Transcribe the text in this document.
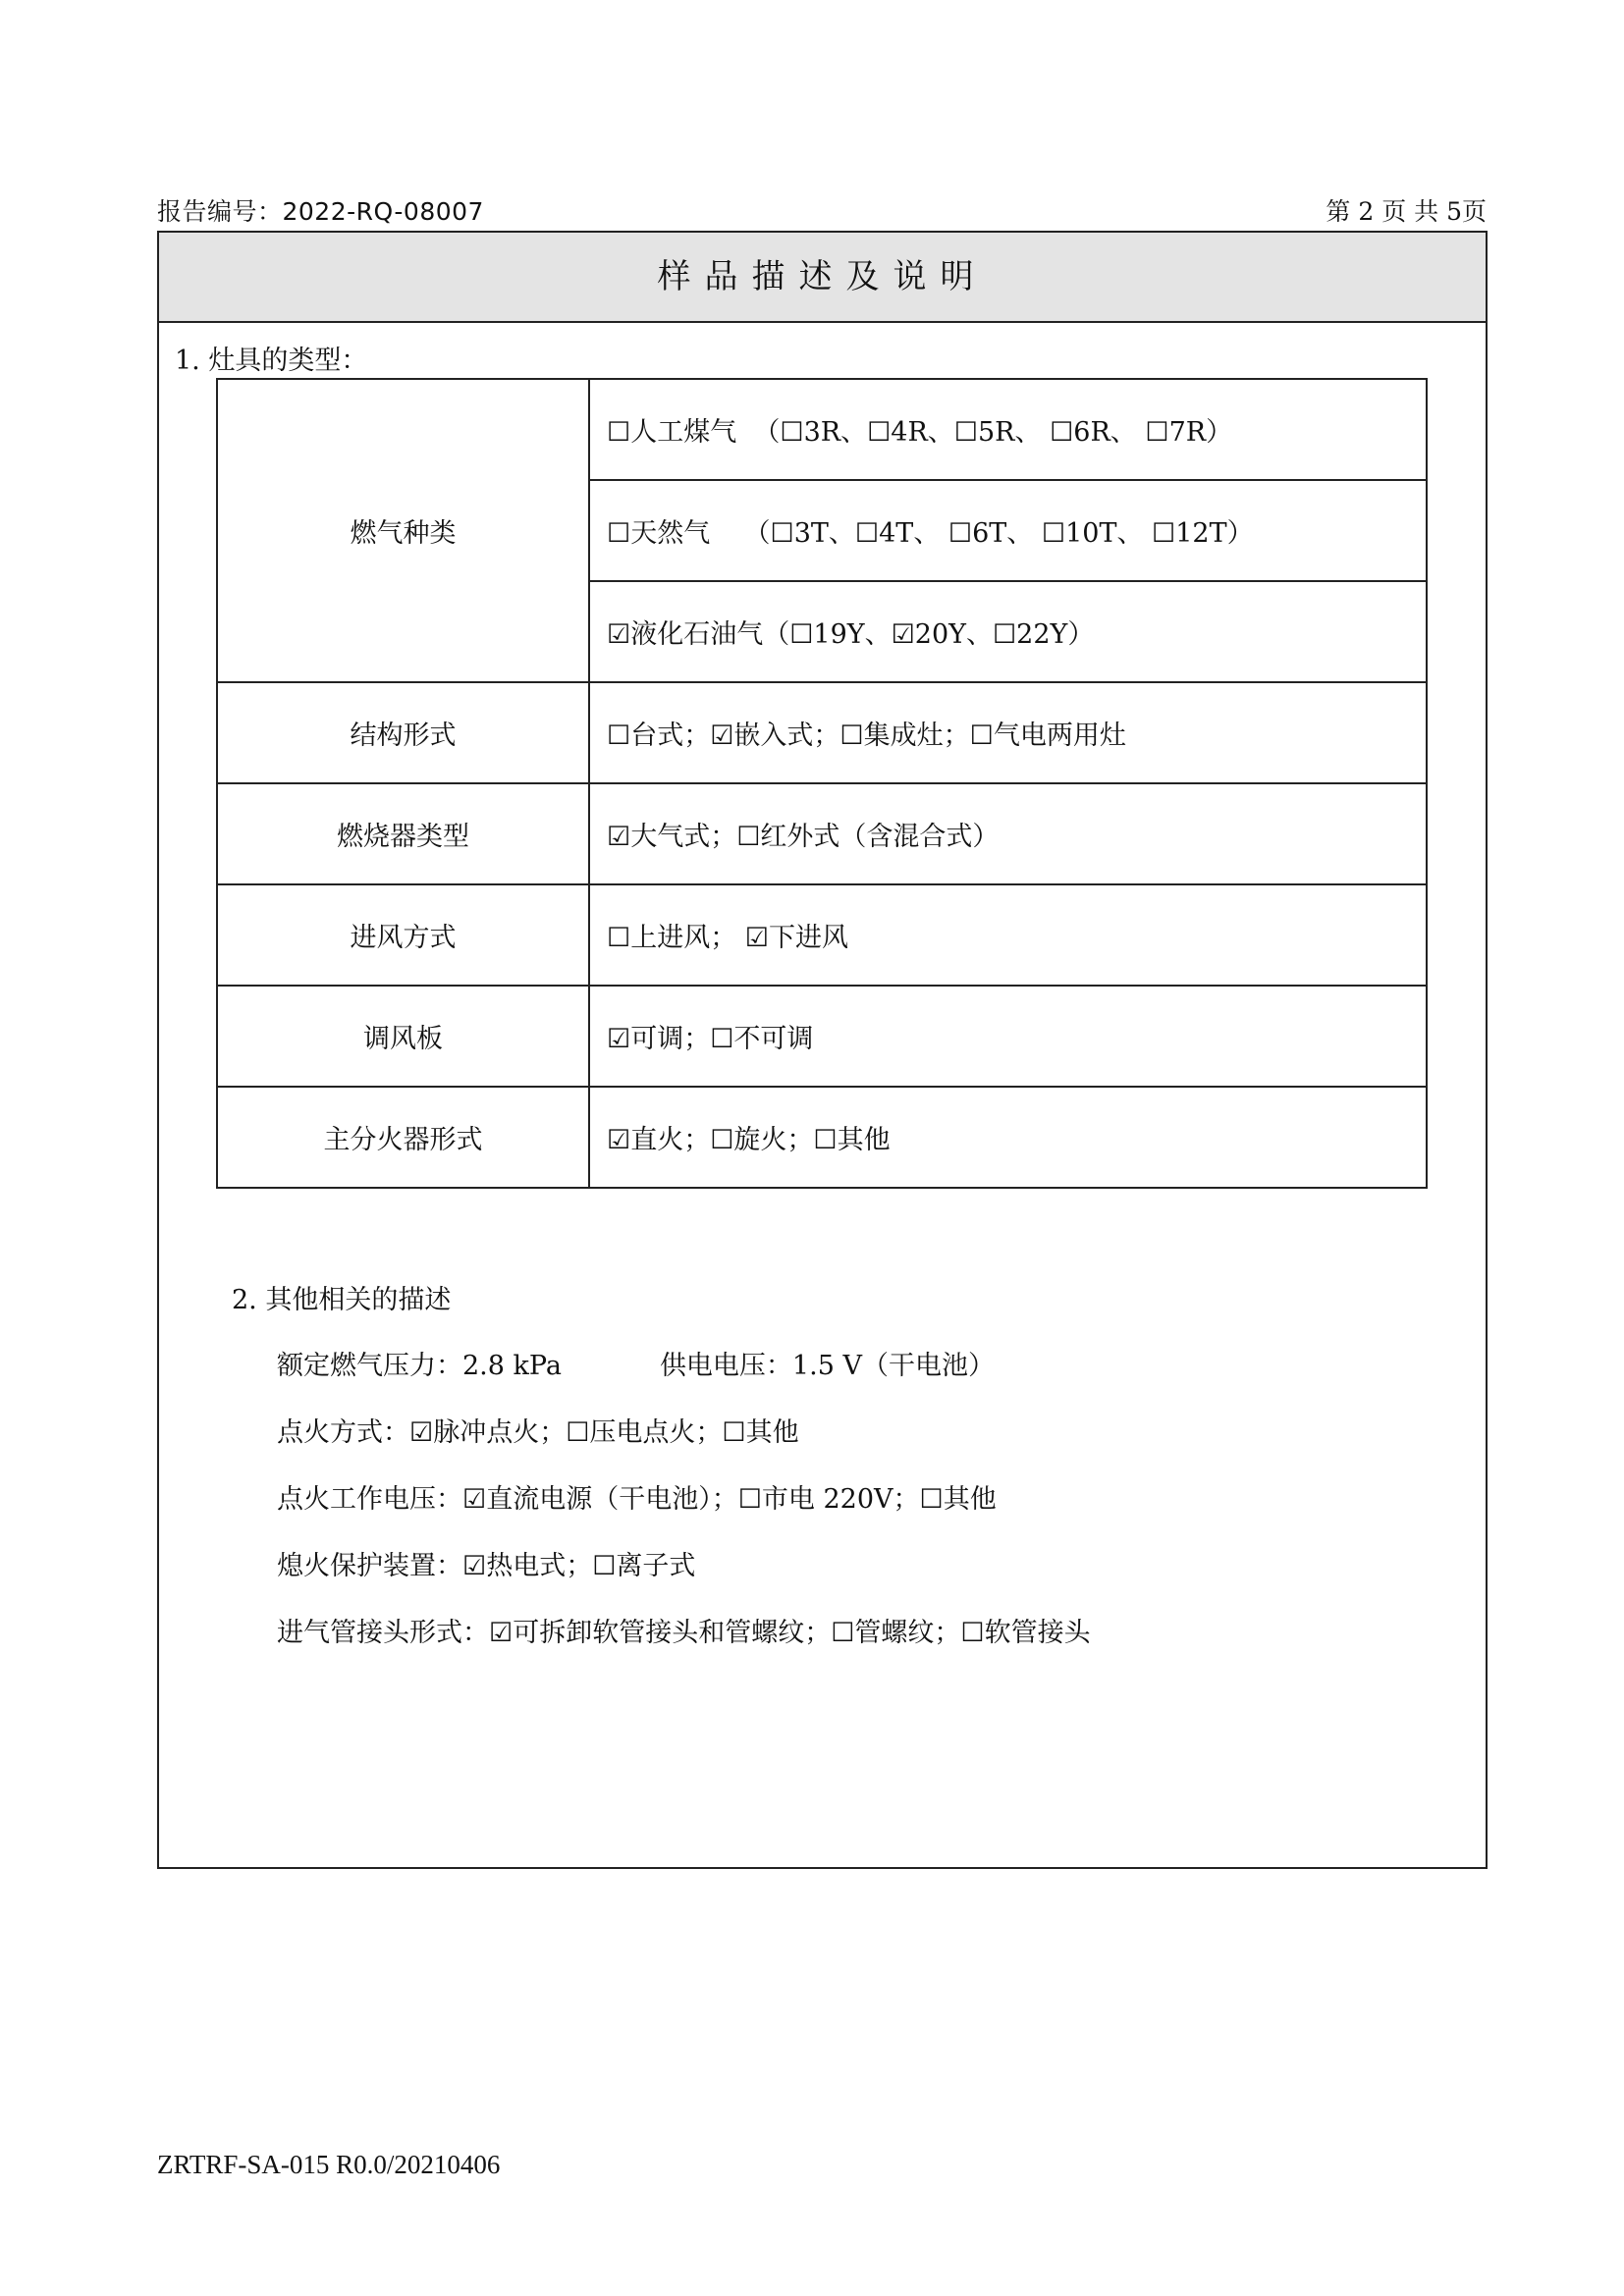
报告编号：2022-RQ-08007	第 2 页 共 5页
样品描述及说明
1. 灶具的类型：
燃气种类	☐人工煤气  （☐3R、☐4R、☐5R、 ☐6R、 ☐7R）
	☐天然气    （☐3T、☐4T、 ☐6T、 ☐10T、 ☐12T）
	☑液化石油气（☐19Y、☑20Y、☐22Y）
结构形式	☐台式；☑嵌入式；☐集成灶；☐气电两用灶
燃烧器类型	☑大气式；☐红外式（含混合式）
进风方式	☐上进风； ☑下进风
调风板	☑可调；☐不可调
主分火器形式	☑直火；☐旋火；☐其他
2. 其他相关的描述
额定燃气压力：2.8 kPa	供电电压：1.5 V（干电池）
点火方式：☑脉冲点火；☐压电点火；☐其他
点火工作电压：☑直流电源（干电池）；☐市电 220V；☐其他
熄火保护装置：☑热电式；☐离子式
进气管接头形式：☑可拆卸软管接头和管螺纹；☐管螺纹；☐软管接头
ZRTRF-SA-015 R0.0/20210406
